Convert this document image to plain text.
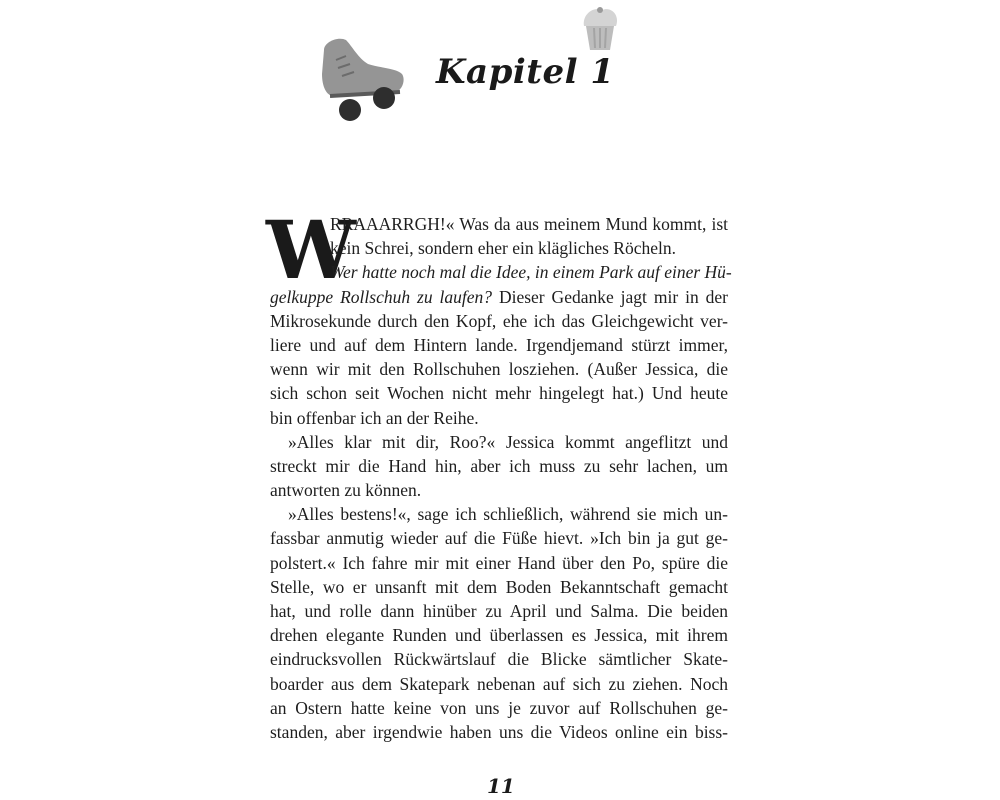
Kapitel 1
W
RRAAARRGH!« Was da aus meinem Mund kommt, ist
kein Schrei, sondern eher ein klägliches Röcheln.
Wer hatte noch mal die Idee, in einem Park auf einer Hü-
gelkuppe Rollschuh zu laufen? Dieser Gedanke jagt mir in der
Mikrosekunde durch den Kopf, ehe ich das Gleichgewicht ver-
liere und auf dem Hintern lande. Irgendjemand stürzt immer,
wenn wir mit den Rollschuhen losziehen. (Außer Jessica, die
sich schon seit Wochen nicht mehr hingelegt hat.) Und heute
bin offenbar ich an der Reihe.
»Alles klar mit dir, Roo?« Jessica kommt angeflitzt und
streckt mir die Hand hin, aber ich muss zu sehr lachen, um
antworten zu können.
»Alles bestens!«, sage ich schließlich, während sie mich un-
fassbar anmutig wieder auf die Füße hievt. »Ich bin ja gut ge-
polstert.« Ich fahre mir mit einer Hand über den Po, spüre die
Stelle, wo er unsanft mit dem Boden Bekanntschaft gemacht
hat, und rolle dann hinüber zu April und Salma. Die beiden
drehen elegante Runden und überlassen es Jessica, mit ihrem
eindrucksvollen Rückwärtslauf die Blicke sämtlicher Skate-
boarder aus dem Skatepark nebenan auf sich zu ziehen. Noch
an Ostern hatte keine von uns je zuvor auf Rollschuhen ge-
standen, aber irgendwie haben uns die Videos online ein biss-
11
